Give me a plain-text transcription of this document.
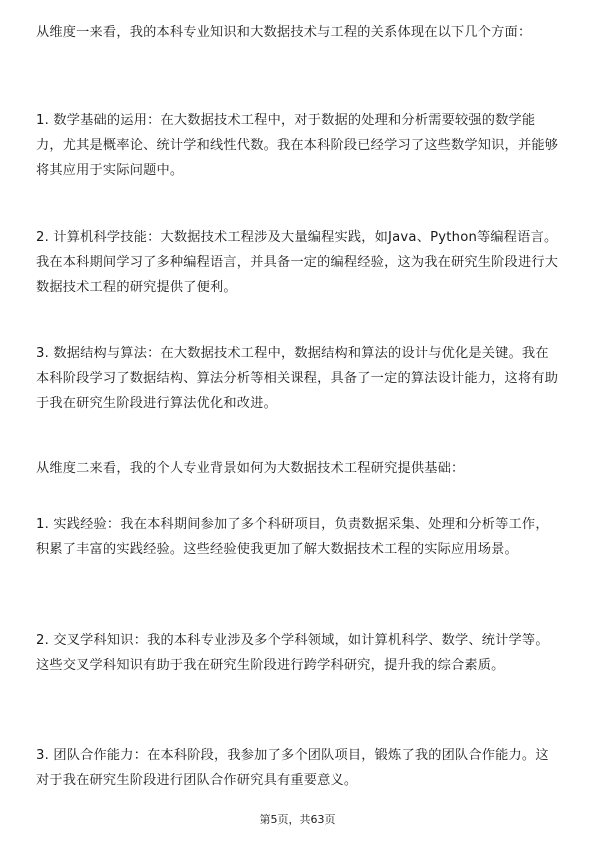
从维度一来看，我的本科专业知识和大数据技术与工程的关系体现在以下几个方面：

1. 数学基础的运用：在大数据技术工程中，对于数据的处理和分析需要较强的数学能力，尤其是概率论、统计学和线性代数。我在本科阶段已经学习了这些数学知识，并能够将其应用于实际问题中。

2. 计算机科学技能：大数据技术工程涉及大量编程实践，如Java、Python等编程语言。我在本科期间学习了多种编程语言，并具备一定的编程经验，这为我在研究生阶段进行大数据技术工程的研究提供了便利。

3. 数据结构与算法：在大数据技术工程中，数据结构和算法的设计与优化是关键。我在本科阶段学习了数据结构、算法分析等相关课程，具备了一定的算法设计能力，这将有助于我在研究生阶段进行算法优化和改进。

从维度二来看，我的个人专业背景如何为大数据技术工程研究提供基础：

1. 实践经验：我在本科期间参加了多个科研项目，负责数据采集、处理和分析等工作，积累了丰富的实践经验。这些经验使我更加了解大数据技术工程的实际应用场景。

2. 交叉学科知识：我的本科专业涉及多个学科领域，如计算机科学、数学、统计学等。这些交叉学科知识有助于我在研究生阶段进行跨学科研究，提升我的综合素质。

3. 团队合作能力：在本科阶段，我参加了多个团队项目，锻炼了我的团队合作能力。这对于我在研究生阶段进行团队合作研究具有重要意义。

第5页，共63页
